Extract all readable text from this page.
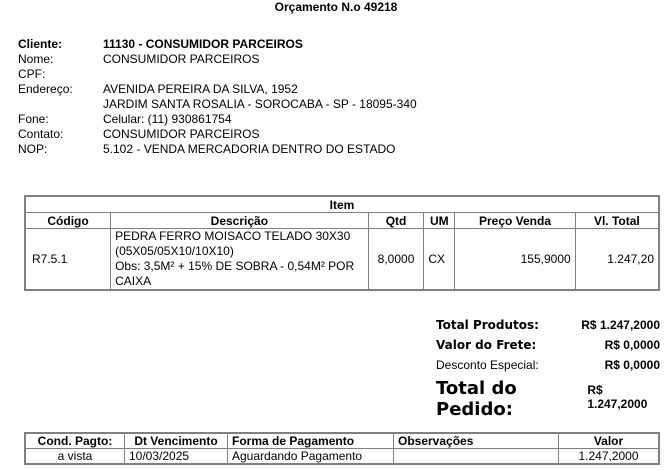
Orçamento N.o 49218
Cliente:	11130 - CONSUMIDOR PARCEIROS
Nome:	CONSUMIDOR PARCEIROS
CPF:
Endereço:	AVENIDA PEREIRA DA SILVA, 1952
JARDIM SANTA ROSALIA - SOROCABA - SP - 18095-340
Fone:	Celular: (11) 930861754
Contato:	CONSUMIDOR PARCEIROS
NOP:	5.102 - VENDA MERCADORIA DENTRO DO ESTADO
Item					
Código	Descrição	Qtd	UM	Preço Venda	Vl. Total
R7.5.1	PEDRA FERRO MOISACO TELADO 30X30 (05X05/05X10/10X10)
Obs: 3,5M² + 15% DE SOBRA - 0,54M² POR CAIXA	8,0000	CX	155,9000	1.247,20
Total Produtos:	R$ 1.247,2000
Valor do Frete:	R$ 0,0000
Desconto Especial:	R$ 0,0000
Total do Pedido:
R$ 1.247,2000
Cond. Pagto:	Dt Vencimento	Forma de Pagamento	Observações	Valor
a vista	10/03/2025	Aguardando Pagamento		1.247,2000
